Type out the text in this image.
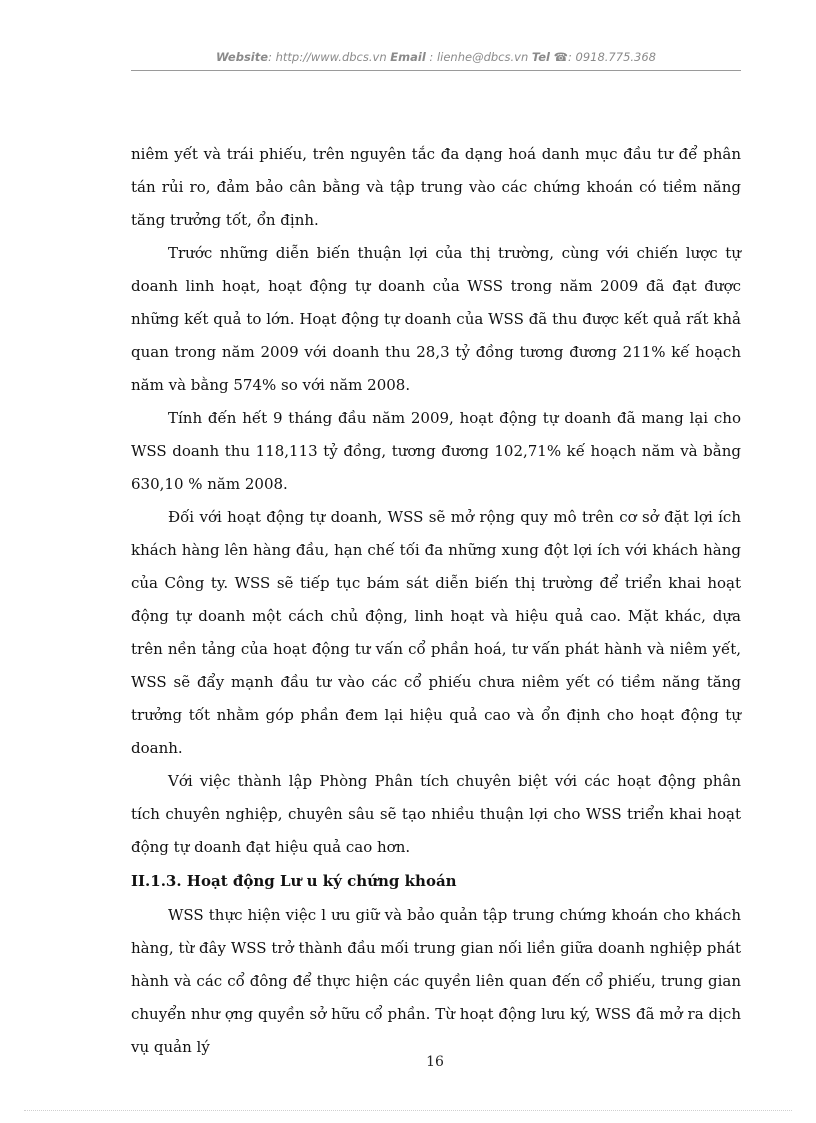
Website: http://www.dbcs.vn Email : lienhe@dbcs.vn Tel ☎: 0918.775.368

niêm yết và trái phiếu, trên nguyên tắc đa dạng hoá danh mục đầu tư để phân tán rủi ro, đảm bảo cân bằng và tập trung vào các chứng khoán có tiềm năng tăng trưởng tốt, ổn định.

Trước những diễn biến thuận lợi của thị trường, cùng với chiến lược tự doanh linh hoạt, hoạt động tự doanh của WSS trong năm 2009 đã đạt được những kết quả to lớn. Hoạt động tự doanh của WSS đã thu được kết quả rất khả quan trong năm 2009 với doanh thu 28,3 tỷ đồng tương đương 211% kế hoạch năm và bằng 574% so với năm 2008.

Tính đến hết 9 tháng đầu năm 2009, hoạt động tự doanh đã mang lại cho WSS doanh thu 118,113 tỷ đồng, tương đương 102,71% kế hoạch năm và bằng 630,10 % năm 2008.

Đối với hoạt động tự doanh, WSS sẽ mở rộng quy mô trên cơ sở đặt lợi ích khách hàng lên hàng đầu, hạn chế tối đa những xung đột lợi ích với khách hàng của Công ty. WSS sẽ tiếp tục bám sát diễn biến thị trường để triển khai hoạt động tự doanh một cách chủ động, linh hoạt và hiệu quả cao. Mặt khác, dựa trên nền tảng của hoạt động tư vấn cổ phần hoá, tư vấn phát hành và niêm yết, WSS sẽ đẩy mạnh đầu tư vào các cổ phiếu chưa niêm yết có tiềm năng tăng trưởng tốt nhằm góp phần đem lại hiệu quả cao và ổn định cho hoạt động tự doanh.

Với việc thành lập Phòng Phân tích chuyên biệt với các hoạt động phân tích chuyên nghiệp, chuyên sâu sẽ tạo nhiều thuận lợi cho WSS triển khai hoạt động tự doanh đạt hiệu quả cao hơn.

II.1.3. Hoạt động Lư u ký chứng khoán

WSS thực hiện việc l ưu giữ và bảo quản tập trung chứng khoán cho khách hàng, từ đây WSS trở thành đầu mối trung gian nối liền giữa doanh nghiệp phát hành và các cổ đông để thực hiện các quyền liên quan đến cổ phiếu, trung gian chuyển như ợng quyền sở hữu cổ phần. Từ hoạt động lưu ký, WSS đã mở ra dịch vụ quản lý

16
